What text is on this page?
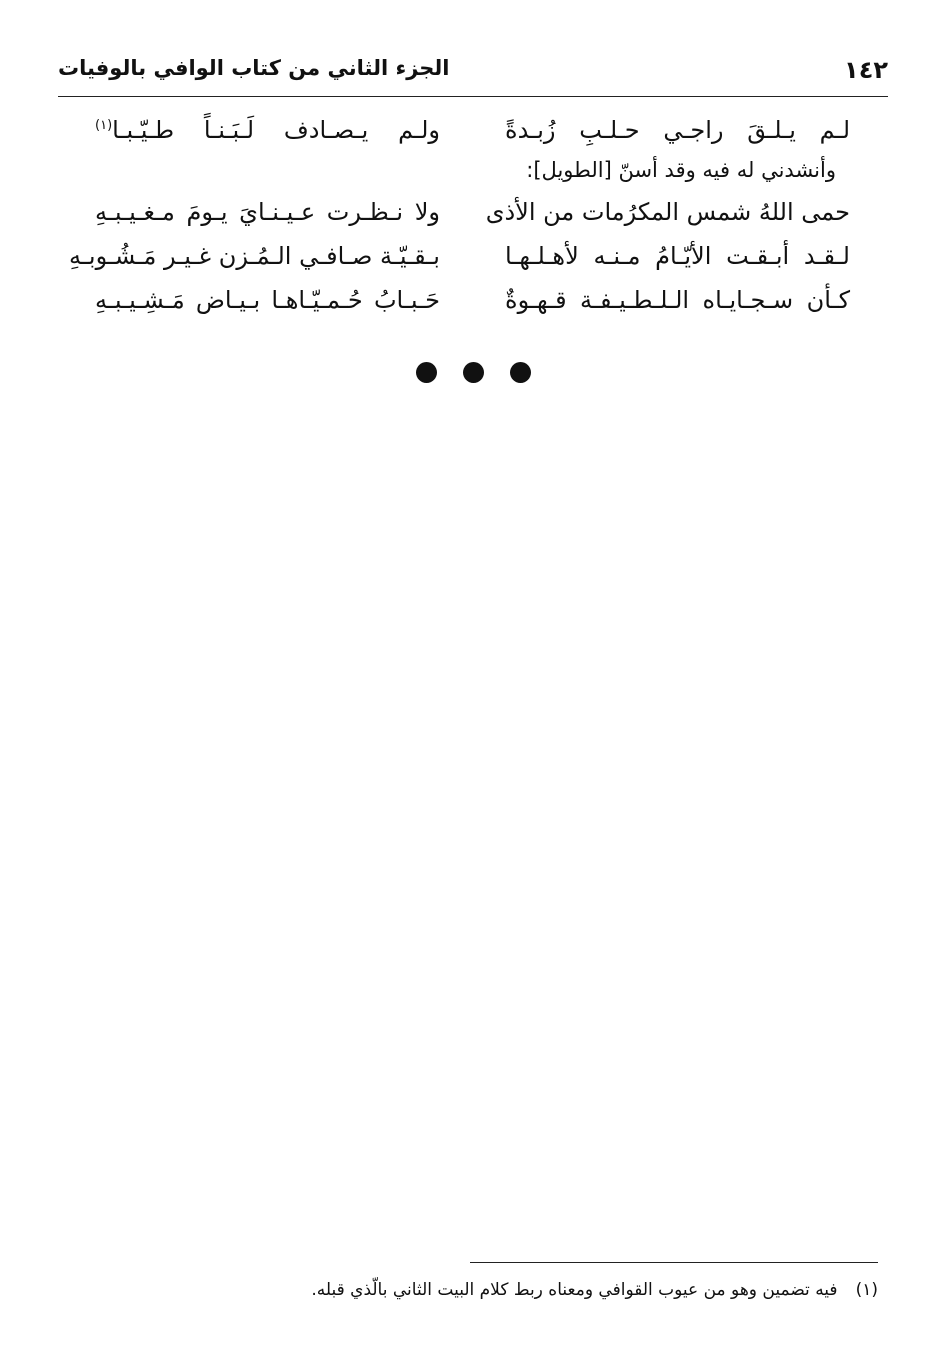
١٤٢
الجزء الثاني من كتاب الوافي بالوفيات
لـم يـلـقَ راجـي حـلـبِ زُبـدةً
ولـم يـصـادف لَـبَـنـاً طـيّـبـا$^{(١)}$
وأنشدني له فيه وقد أسنّ [الطويل]:
حمى اللهُ شمس المكرُمات من الأذى
ولا نـظـرت عـيـنـايَ يـومَ مـغـيـبـهِ
لـقـد أبـقـت الأيّـامُ مـنـه لأهـلـهـا
بـقـيّـة صـافـي الـمُـزن غـيـر مَـشُـوبـهِ
كـأن سـجـايـاه الـلـطـيـفـة قـهـوةٌ
حَـبـابُ حُـمـيّـاهـا بـيـاض مَـشِـيـبـهِ
(١)فيه تضمين وهو من عيوب القوافي ومعناه ربط كلام البيت الثاني بالّذي قبله.
